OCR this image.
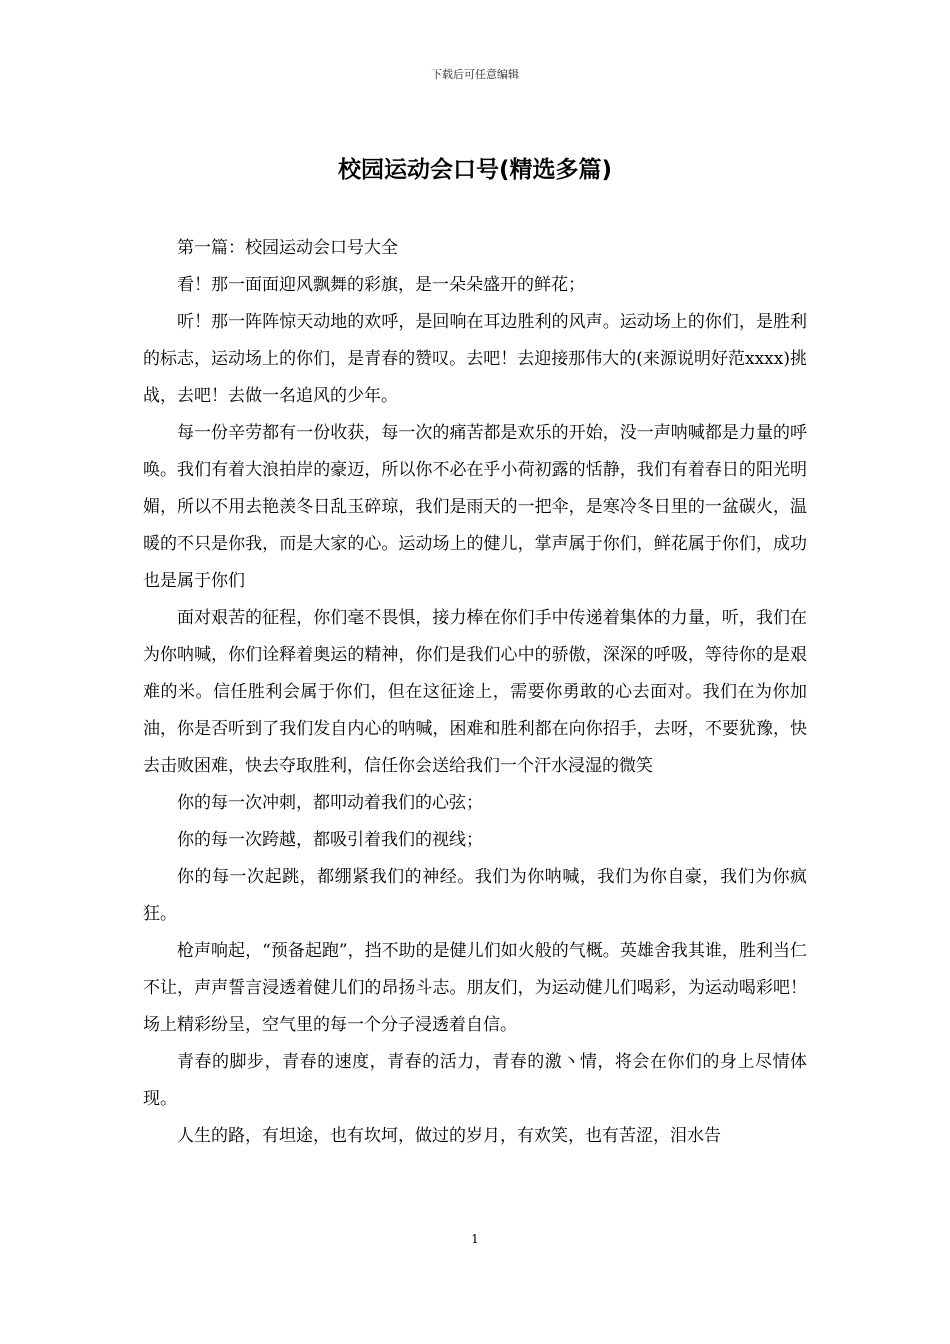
下载后可任意编辑
校园运动会口号(精选多篇)

第一篇：校园运动会口号大全

看！那一面面迎风飘舞的彩旗，是一朵朵盛开的鲜花；

听！那一阵阵惊天动地的欢呼，是回响在耳边胜利的风声。运动场上的你们，是胜利的标志，运动场上的你们，是青春的赞叹。去吧！去迎接那伟大的(来源说明好范xxxx)挑战，去吧！去做一名追风的少年。

每一份辛劳都有一份收获，每一次的痛苦都是欢乐的开始，没一声呐喊都是力量的呼唤。我们有着大浪拍岸的豪迈，所以你不必在乎小荷初露的恬静，我们有着春日的阳光明媚，所以不用去艳羡冬日乱玉碎琼，我们是雨天的一把伞，是寒冷冬日里的一盆碳火，温暖的不只是你我，而是大家的心。运动场上的健儿，掌声属于你们，鲜花属于你们，成功也是属于你们

面对艰苦的征程，你们毫不畏惧，接力棒在你们手中传递着集体的力量，听，我们在为你呐喊，你们诠释着奥运的精神，你们是我们心中的骄傲，深深的呼吸，等待你的是艰难的米。信任胜利会属于你们，但在这征途上，需要你勇敢的心去面对。我们在为你加油，你是否听到了我们发自内心的呐喊，困难和胜利都在向你招手，去呀，不要犹豫，快去击败困难，快去夺取胜利，信任你会送给我们一个汗水浸湿的微笑

你的每一次冲刺，都叩动着我们的心弦；

你的每一次跨越，都吸引着我们的视线；

你的每一次起跳，都绷紧我们的神经。我们为你呐喊，我们为你自豪，我们为你疯狂。

枪声响起，“预备起跑”，挡不助的是健儿们如火般的气概。英雄舍我其谁，胜利当仁不让，声声誓言浸透着健儿们的昂扬斗志。朋友们，为运动健儿们喝彩，为运动喝彩吧！场上精彩纷呈，空气里的每一个分子浸透着自信。

青春的脚步，青春的速度，青春的活力，青春的激丶情，将会在你们的身上尽情体现。

人生的路，有坦途，也有坎坷，做过的岁月，有欢笑，也有苦涩，泪水告

1
